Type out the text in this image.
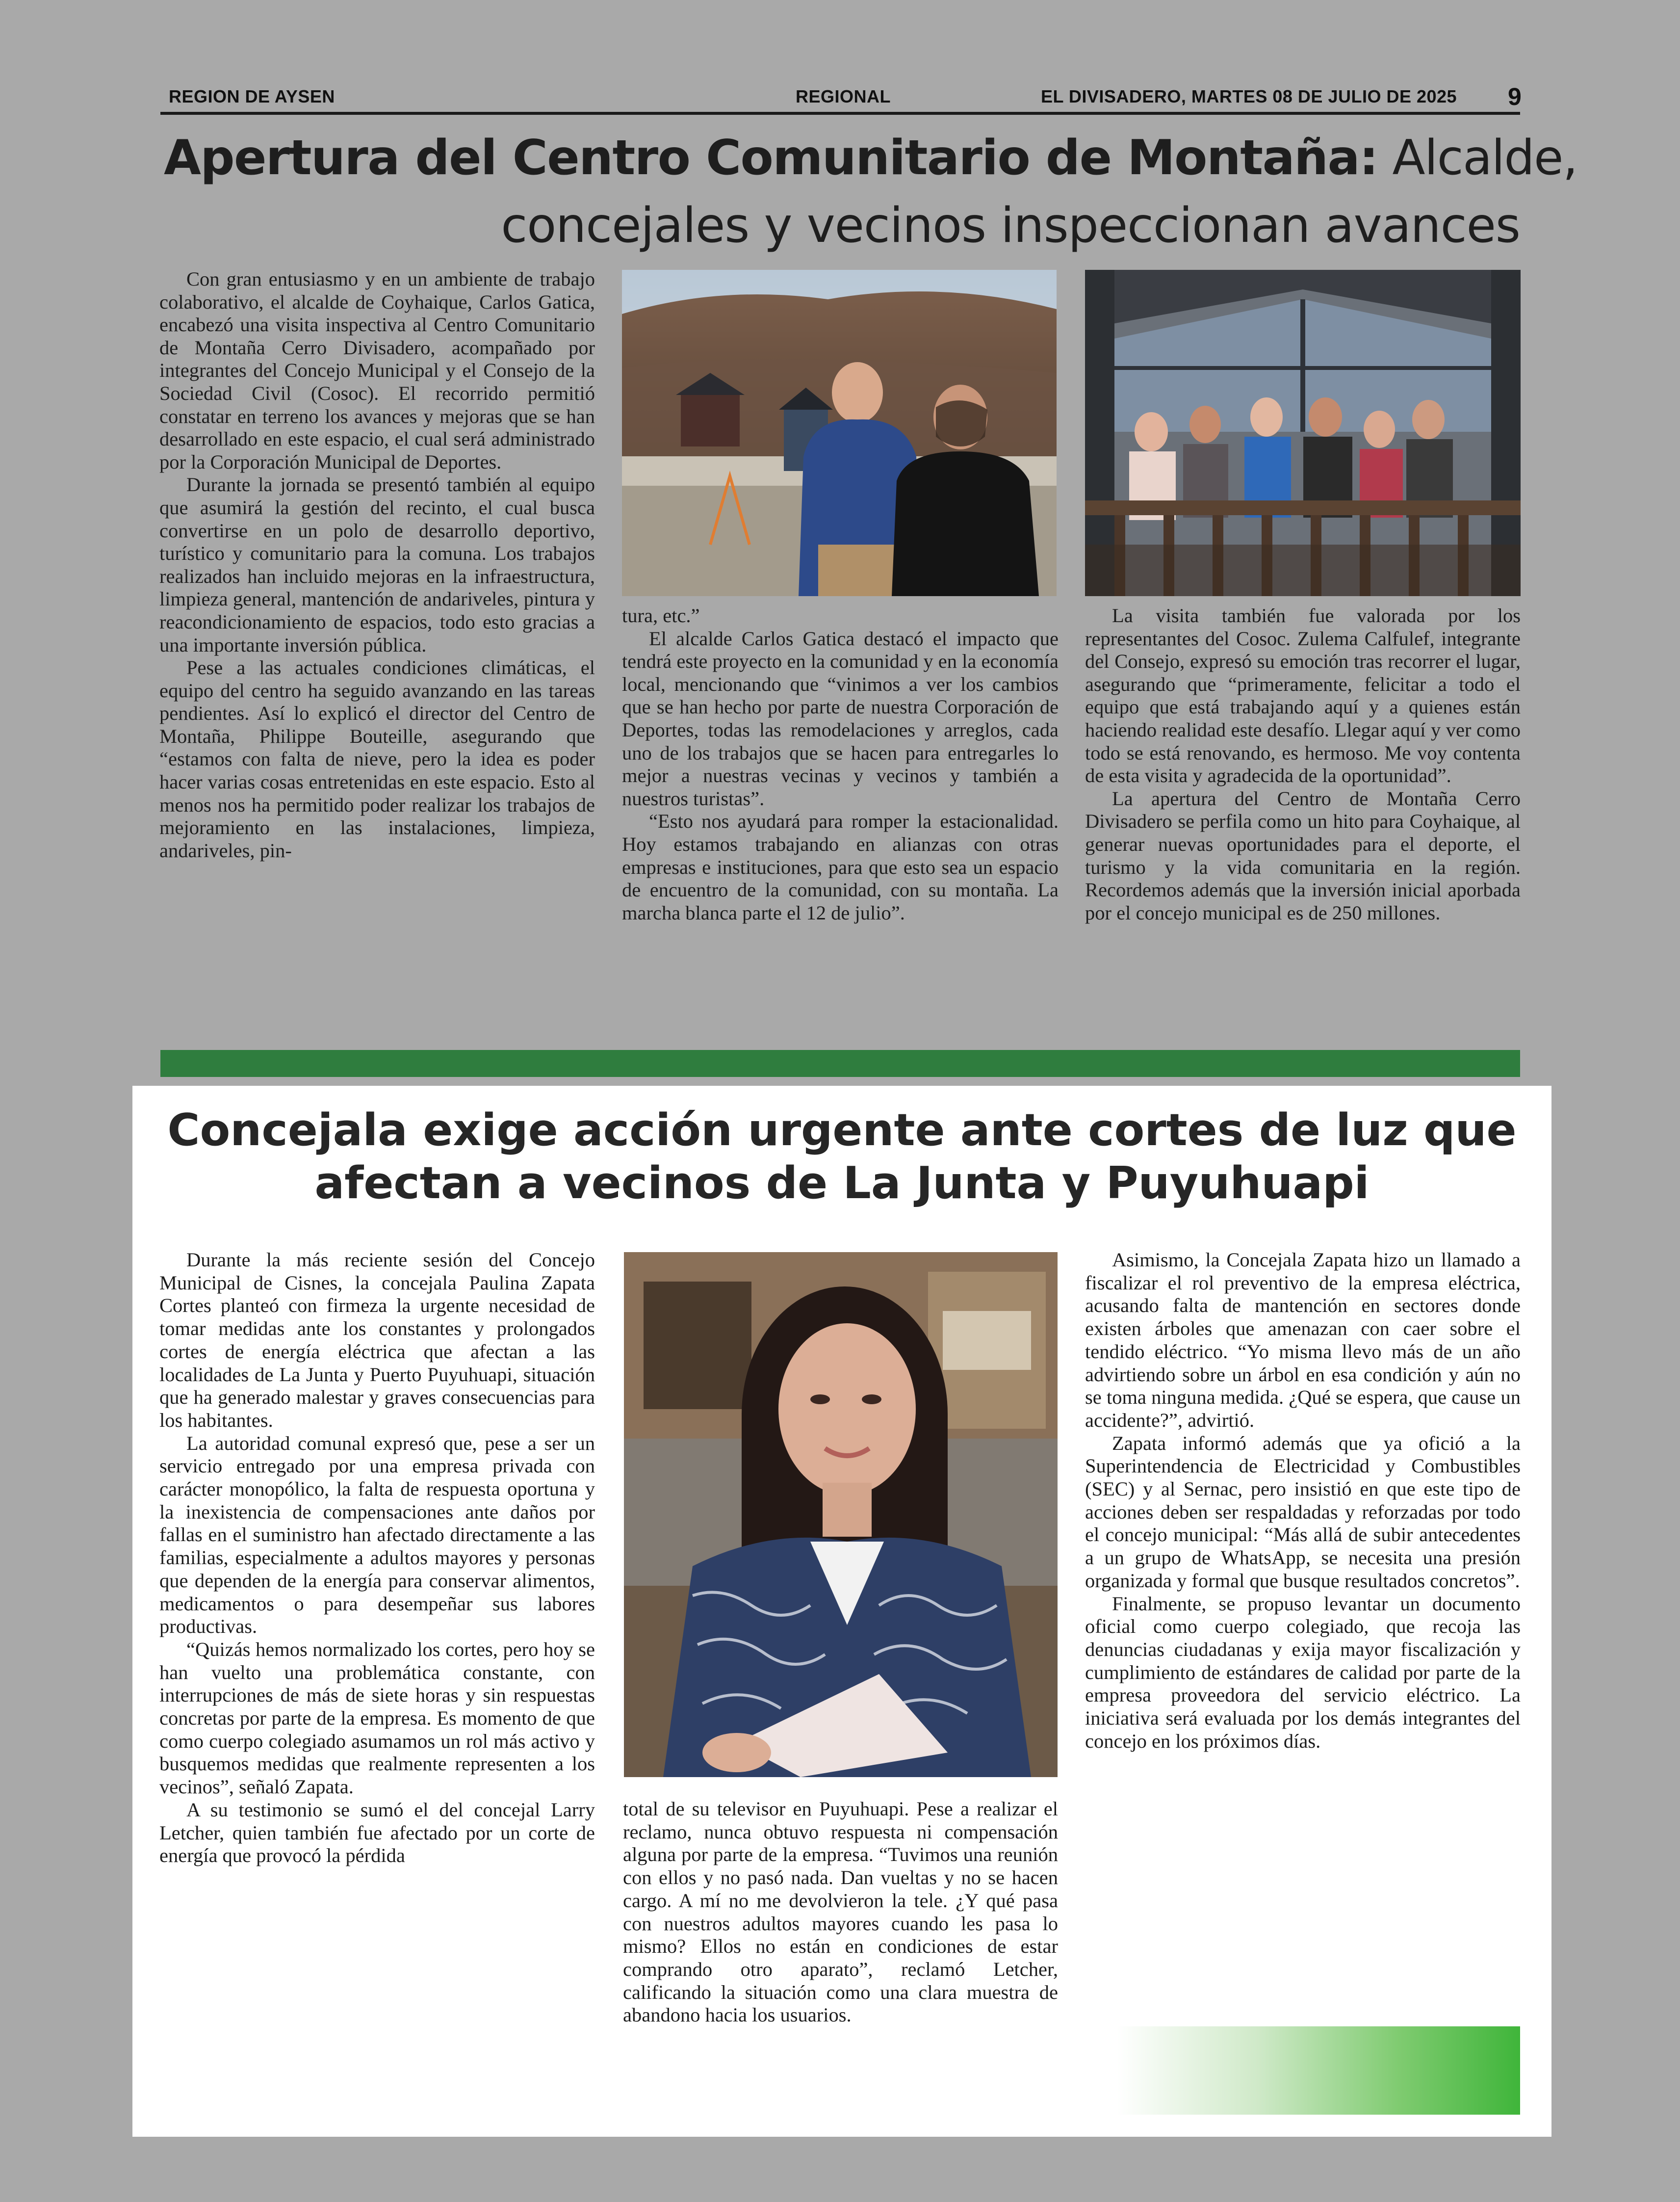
REGION DE AYSEN	REGIONAL	EL DIVISADERO, MARTES 08 DE JULIO DE 2025 9
Apertura del Centro Comunitario de Montaña: Alcalde,
concejales y vecinos inspeccionan avances

Con gran entusiasmo y en un ambiente de trabajo colaborativo, el alcalde de Coyhaique, Carlos Gatica, encabezó una visita inspectiva al Centro Comunitario de Montaña Cerro Divisadero, acompañado por integrantes del Concejo Municipal y el Consejo de la Sociedad Civil (Cosoc). El recorrido permitió constatar en terreno los avances y mejoras que se han desarrollado en este espacio, el cual será administrado por la Corporación Municipal de Deportes.

Durante la jornada se presentó también al equipo que asumirá la gestión del recinto, el cual busca convertirse en un polo de desarrollo deportivo, turístico y comunitario para la comuna. Los trabajos realizados han incluido mejoras en la infraestructura, limpieza general, mantención de andariveles, pintura y reacondicionamiento de espacios, todo esto gracias a una importante inversión pública.

Pese a las actuales condiciones climáticas, el equipo del centro ha seguido avanzando en las tareas pendientes. Así lo explicó el director del Centro de Montaña, Philippe Bouteille, asegurando que “estamos con falta de nieve, pero la idea es poder hacer varias cosas entretenidas en este espacio. Esto al menos nos ha permitido poder realizar los trabajos de mejoramiento en las instalaciones, limpieza, andariveles, pin-

tura, etc.”

El alcalde Carlos Gatica destacó el impacto que tendrá este proyecto en la comunidad y en la economía local, mencionando que “vinimos a ver los cambios que se han hecho por parte de nuestra Corporación de Deportes, todas las remodelaciones y arreglos, cada uno de los trabajos que se hacen para entregarles lo mejor a nuestras vecinas y vecinos y también a nuestros turistas”.

“Esto nos ayudará para romper la estacionalidad. Hoy estamos trabajando en alianzas con otras empresas e instituciones, para que esto sea un espacio de encuentro de la comunidad, con su montaña. La marcha blanca parte el 12 de julio”.

La visita también fue valorada por los representantes del Cosoc. Zulema Calfulef, integrante del Consejo, expresó su emoción tras recorrer el lugar, asegurando que “primeramente, felicitar a todo el equipo que está trabajando aquí y a quienes están haciendo realidad este desafío. Llegar aquí y ver como todo se está renovando, es hermoso. Me voy contenta de esta visita y agradecida de la oportunidad”.

La apertura del Centro de Montaña Cerro Divisadero se perfila como un hito para Coyhaique, al generar nuevas oportunidades para el deporte, el turismo y la vida comunitaria en la región. Recordemos además que la inversión inicial aporbada por el concejo municipal es de 250 millones.

Concejala exige acción urgente ante cortes de luz que
afectan a vecinos de La Junta y Puyuhuapi

Durante la más reciente sesión del Concejo Municipal de Cisnes, la concejala Paulina Zapata Cortes planteó con firmeza la urgente necesidad de tomar medidas ante los constantes y prolongados cortes de energía eléctrica que afectan a las localidades de La Junta y Puerto Puyuhuapi, situación que ha generado malestar y graves consecuencias para los habitantes.

La autoridad comunal expresó que, pese a ser un servicio entregado por una empresa privada con carácter monopólico, la falta de respuesta oportuna y la inexistencia de compensaciones ante daños por fallas en el suministro han afectado directamente a las familias, especialmente a adultos mayores y personas que dependen de la energía para conservar alimentos, medicamentos o para desempeñar sus labores productivas.

“Quizás hemos normalizado los cortes, pero hoy se han vuelto una problemática constante, con interrupciones de más de siete horas y sin respuestas concretas por parte de la empresa. Es momento de que como cuerpo colegiado asumamos un rol más activo y busquemos medidas que realmente representen a los vecinos”, señaló Zapata.

A su testimonio se sumó el del concejal Larry Letcher, quien también fue afectado por un corte de energía que provocó la pérdida

total de su televisor en Puyuhuapi. Pese a realizar el reclamo, nunca obtuvo respuesta ni compensación alguna por parte de la empresa. “Tuvimos una reunión con ellos y no pasó nada. Dan vueltas y no se hacen cargo. A mí no me devolvieron la tele. ¿Y qué pasa con nuestros adultos mayores cuando les pasa lo mismo? Ellos no están en condiciones de estar comprando otro aparato”, reclamó Letcher, calificando la situación como una clara muestra de abandono hacia los usuarios.

Asimismo, la Concejala Zapata hizo un llamado a fiscalizar el rol preventivo de la empresa eléctrica, acusando falta de mantención en sectores donde existen árboles que amenazan con caer sobre el tendido eléctrico. “Yo misma llevo más de un año advirtiendo sobre un árbol en esa condición y aún no se toma ninguna medida. ¿Qué se espera, que cause un accidente?”, advirtió.

Zapata informó además que ya ofició a la Superintendencia de Electricidad y Combustibles (SEC) y al Sernac, pero insistió en que este tipo de acciones deben ser respaldadas y reforzadas por todo el concejo municipal: “Más allá de subir antecedentes a un grupo de WhatsApp, se necesita una presión organizada y formal que busque resultados concretos”.

Finalmente, se propuso levantar un documento oficial como cuerpo colegiado, que recoja las denuncias ciudadanas y exija mayor fiscalización y cumplimiento de estándares de calidad por parte de la empresa proveedora del servicio eléctrico. La iniciativa será evaluada por los demás integrantes del concejo en los próximos días.
